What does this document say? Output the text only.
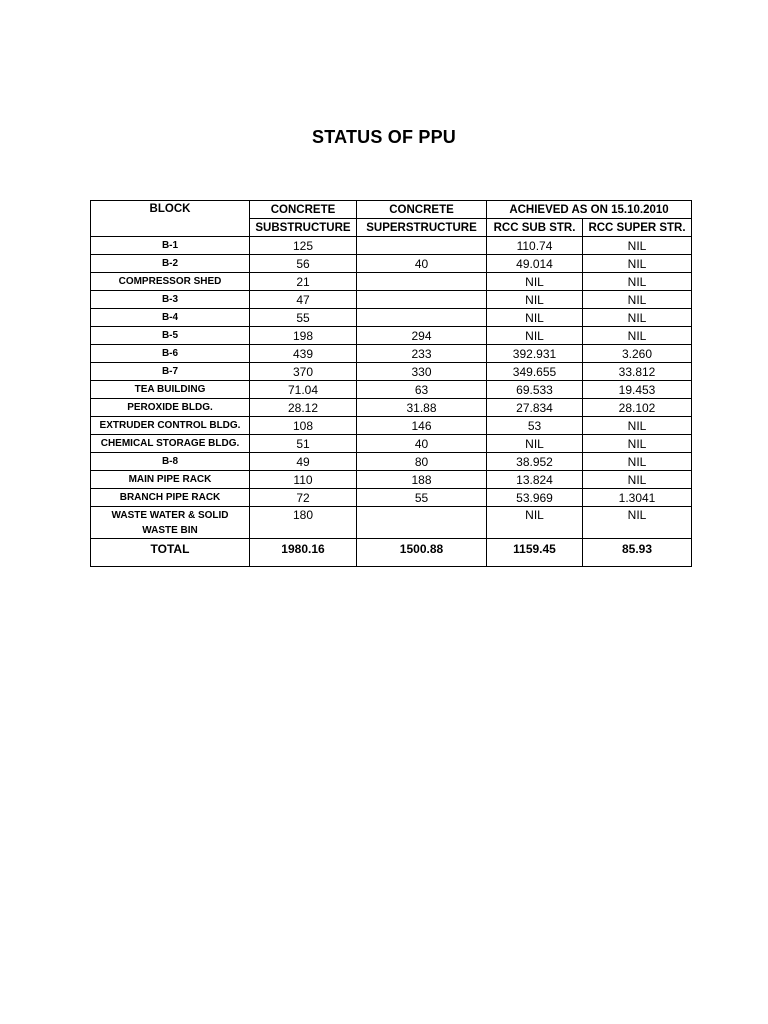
STATUS OF PPU
BLOCK	CONCRETE	CONCRETE	ACHIEVED AS ON 15.10.2010	
	SUBSTRUCTURE	SUPERSTRUCTURE	RCC SUB STR.	RCC SUPER STR.
B-1	125		110.74	NIL
B-2	56	40	49.014	NIL
COMPRESSOR SHED	21		NIL	NIL
B-3	47		NIL	NIL
B-4	55		NIL	NIL
B-5	198	294	NIL	NIL
B-6	439	233	392.931	3.260
B-7	370	330	349.655	33.812
TEA BUILDING	71.04	63	69.533	19.453
PEROXIDE BLDG.	28.12	31.88	27.834	28.102
EXTRUDER CONTROL BLDG.	108	146	53	NIL
CHEMICAL STORAGE BLDG.	51	40	NIL	NIL
B-8	49	80	38.952	NIL
MAIN PIPE RACK	110	188	13.824	NIL
BRANCH PIPE RACK	72	55	53.969	1.3041
WASTE WATER & SOLID WASTE BIN	180		NIL	NIL
TOTAL	1980.16	1500.88	1159.45	85.93
